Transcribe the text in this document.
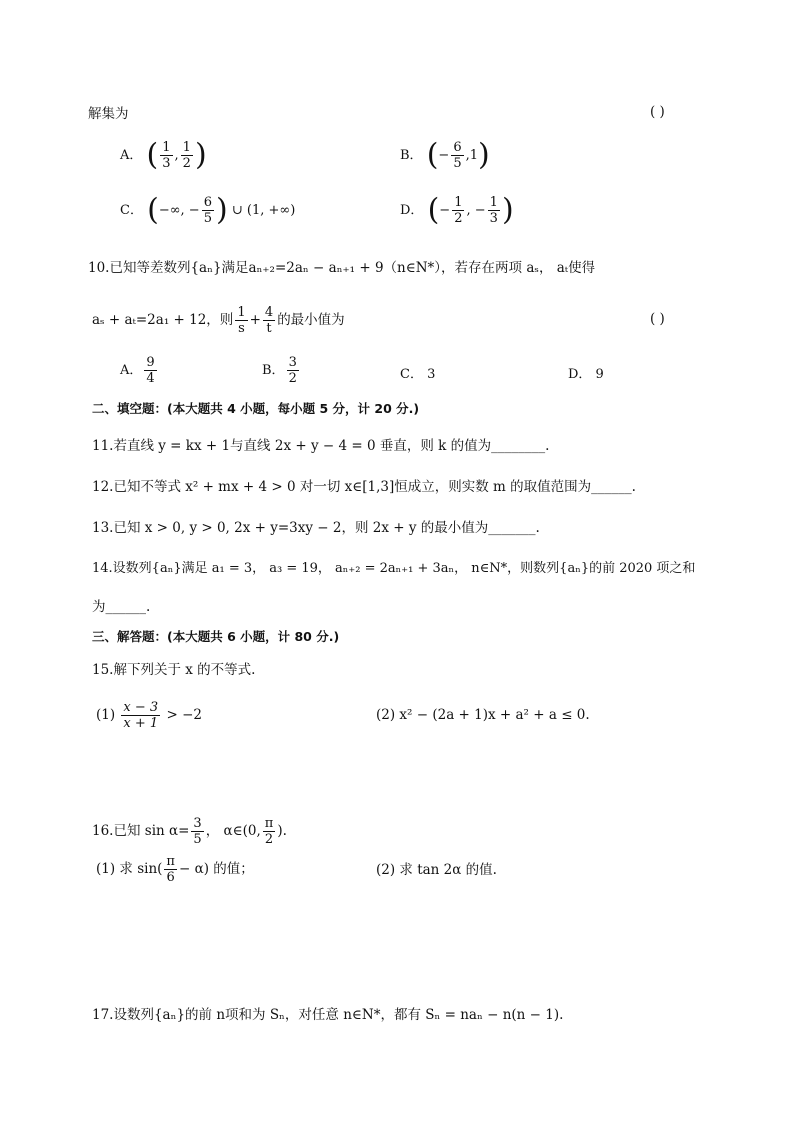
解集为	( )
A． ( $\frac{1}{3}$ , $\frac{1}{2}$ )	B． (− $\frac{6}{5} ,1$)
C． (−∞, − $\frac{6}{5}$ ) ∪ (1, +∞)	D． (− $\frac{1}{2}$ , − $\frac{1}{3}$ )
10.已知等差数列{aₙ}满足aₙ₊₂=2aₙ − aₙ₊₁ + 9（n∈N*），若存在两项 aₛ， aₜ使得
aₛ + aₜ=2a₁ + 12，则 $\frac{1}{s} + \frac{4}{t}$ 的最小值为	( )
A． $\frac{9}{4}$	B． $\frac{3}{2}$	C． 3	D． 9
二、填空题：(本大题共 4 小题，每小题 5 分，计 20 分.)
11.若直线 y = kx + 1与直线 2x + y − 4 = 0 垂直，则 k 的值为________.
12.已知不等式 x² + mx + 4 > 0 对一切 x∈[1,3]恒成立，则实数 m 的取值范围为______.
13.已知 x > 0, y > 0, 2x + y=3xy − 2，则 2x + y 的最小值为_______.
14.设数列{aₙ}满足 a₁ = 3， a₃ = 19， aₙ₊₂ = 2aₙ₊₁ + 3aₙ， n∈N*，则数列{aₙ}的前 2020 项之和
为______.
三、解答题：(本大题共 6 小题，计 80 分.)
15.解下列关于 x 的不等式.
$(1) \frac{x - 3}{x + 1} > -2$	(2) x² − (2a + 1)x + a² + a ≤ 0.
16.已知 $\sin \alpha= \frac{3}{5}$ ， α∈(0, $\frac{\pi}{2}$ ).
(1) 求 $\sin( \frac{\pi}{6} - \alpha)$ 的值；	(2) 求 tan 2α 的值.
17.设数列{aₙ}的前 n项和为 Sₙ，对任意 n∈N*，都有 Sₙ = naₙ − n(n − 1).
